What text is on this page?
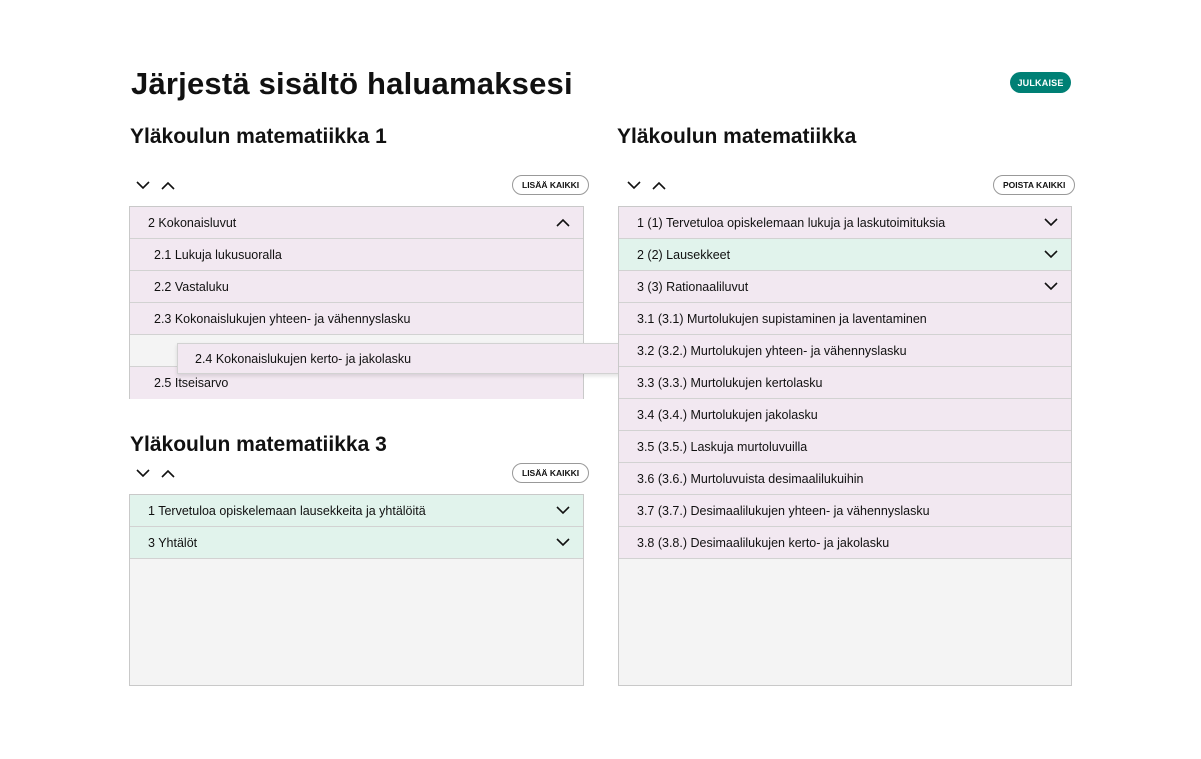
Järjestä sisältö haluamaksesi	JULKAISE
Yläkoulun matematiikka 1
LISÄÄ KAIKKI
2 Kokonaisluvut
2.1 Lukuja lukusuoralla
2.2 Vastaluku
2.3 Kokonaislukujen yhteen- ja vähennyslasku
2.5 Itseisarvo
2.4 Kokonaislukujen kerto- ja jakolasku
Yläkoulun matematiikka 3
LISÄÄ KAIKKI
1 Tervetuloa opiskelemaan lausekkeita ja yhtälöitä
3 Yhtälöt
Yläkoulun matematiikka
POISTA KAIKKI
1 (1) Tervetuloa opiskelemaan lukuja ja laskutoimituksia
2 (2) Lausekkeet
3 (3) Rationaaliluvut
3.1 (3.1) Murtolukujen supistaminen ja laventaminen
3.2 (3.2.) Murtolukujen yhteen- ja vähennyslasku
3.3 (3.3.) Murtolukujen kertolasku
3.4 (3.4.) Murtolukujen jakolasku
3.5 (3.5.) Laskuja murtoluvuilla
3.6 (3.6.) Murtoluvuista desimaalilukuihin
3.7 (3.7.) Desimaalilukujen yhteen- ja vähennyslasku
3.8 (3.8.) Desimaalilukujen kerto- ja jakolasku
